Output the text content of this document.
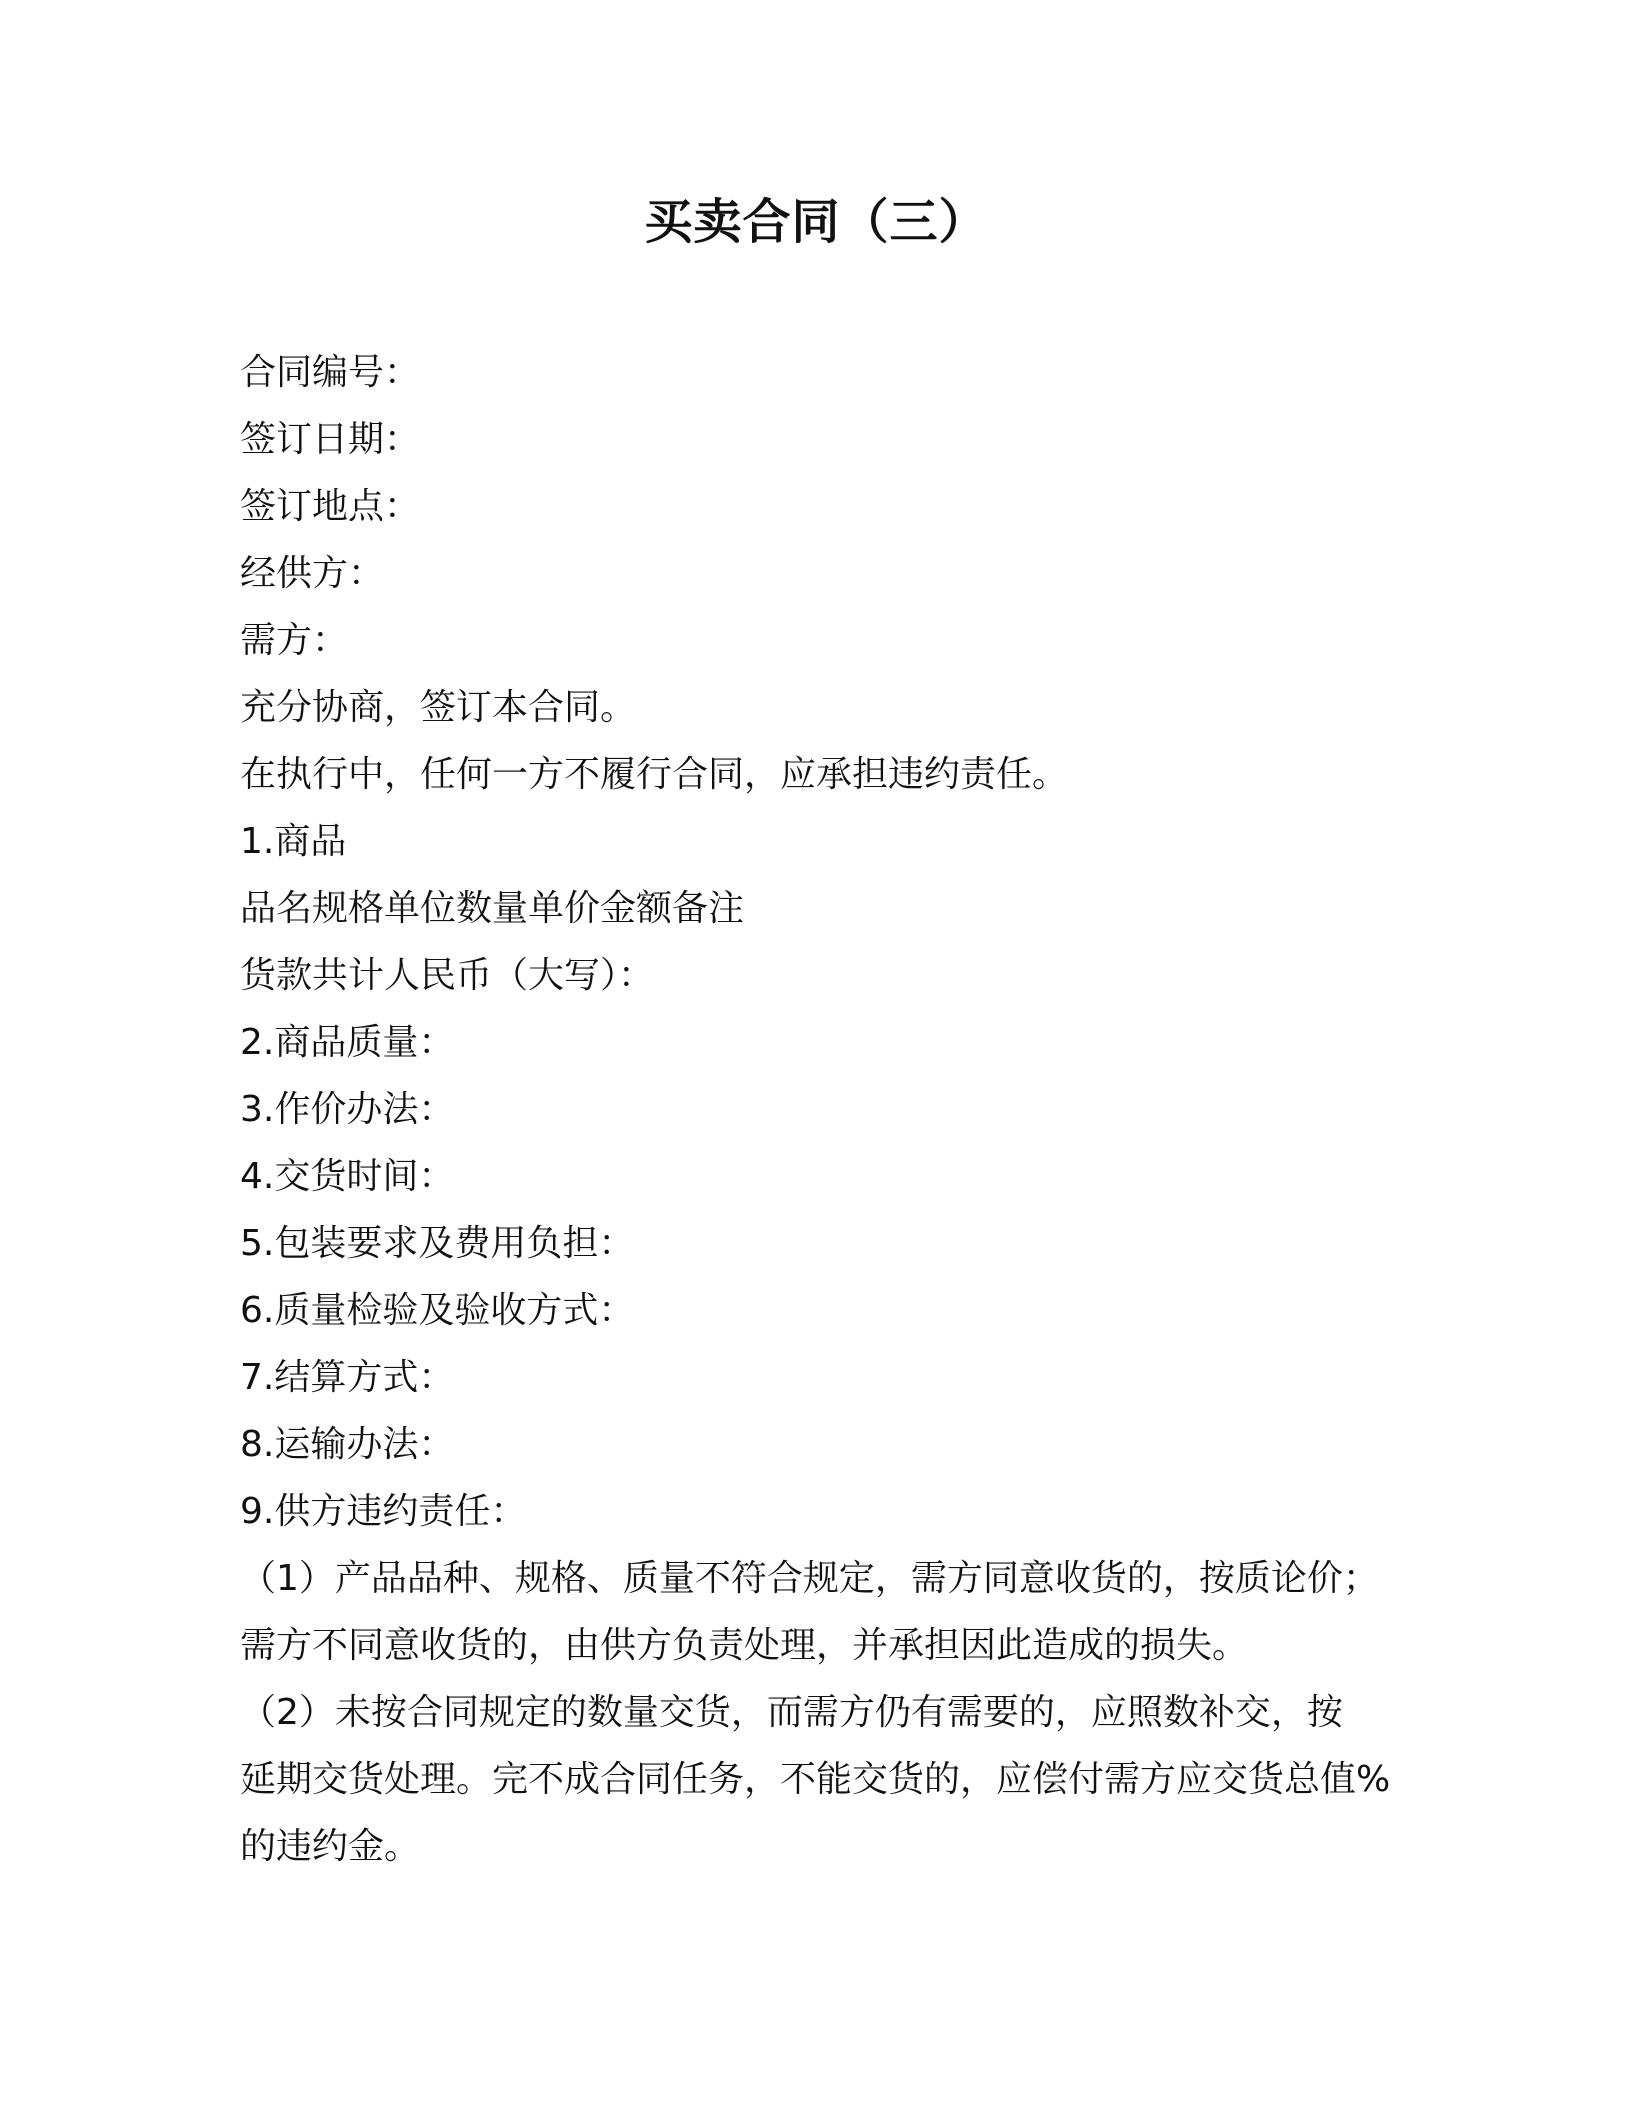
买卖合同（三）
合同编号：
签订日期：
签订地点：
经供方：
需方：
充分协商，签订本合同。
在执行中，任何一方不履行合同，应承担违约责任。
1.商品
品名规格单位数量单价金额备注
货款共计人民币（大写）：
2.商品质量：
3.作价办法：
4.交货时间：
5.包装要求及费用负担：
6.质量检验及验收方式：
7.结算方式：
8.运输办法：
9.供方违约责任：
（1）产品品种、规格、质量不符合规定，需方同意收货的，按质论价；
需方不同意收货的，由供方负责处理，并承担因此造成的损失。
（2）未按合同规定的数量交货，而需方仍有需要的，应照数补交，按
延期交货处理。完不成合同任务，不能交货的，应偿付需方应交货总值%
的违约金。
